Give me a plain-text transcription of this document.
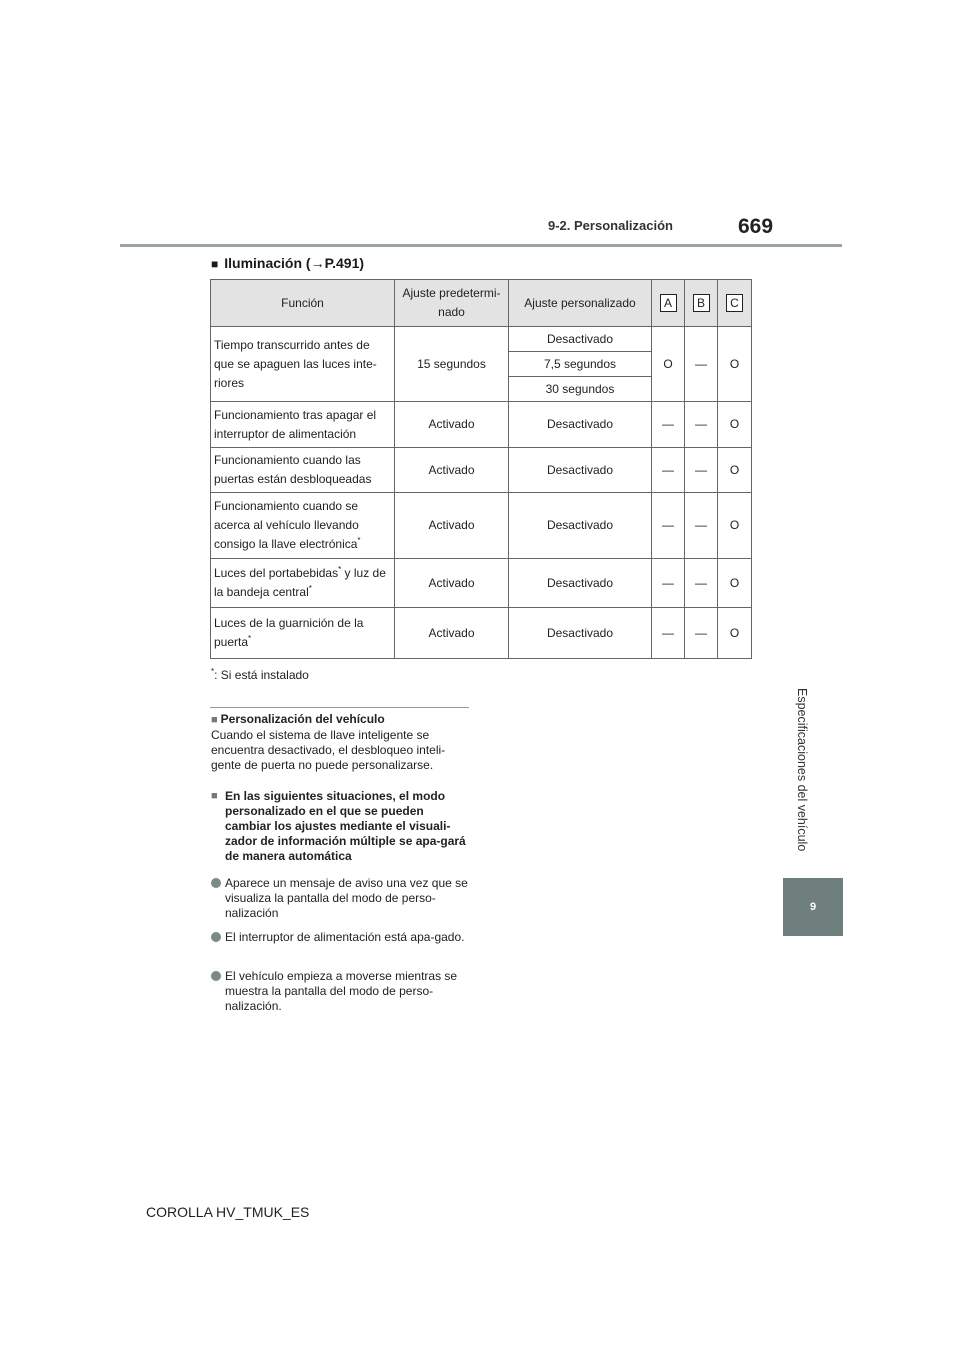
9-2. Personalización	669
Especificaciones del vehículo
9
■ Iluminación (→P.491)
Función	Ajuste predetermi-nado	Ajuste personalizado	A	B	C
Tiempo transcurrido antes de que se apaguen las luces inte-riores	15 segundos	Desactivado	O	—	O
		7,5 segundos			
		30 segundos			
Funcionamiento tras apagar el interruptor de alimentación	Activado	Desactivado	—	—	O
Funcionamiento cuando las puertas están desbloqueadas	Activado	Desactivado	—	—	O
Funcionamiento cuando se acerca al vehículo llevando consigo la llave electrónica*	Activado	Desactivado	—	—	O
Luces del portabebidas* y luz de la bandeja central*	Activado	Desactivado	—	—	O
Luces de la guarnición de la puerta*	Activado	Desactivado	—	—	O
*: Si está instalado
■ Personalización del vehículo
Cuando el sistema de llave inteligente se encuentra desactivado, el desbloqueo inteli-gente de puerta no puede personalizarse.
■ En las siguientes situaciones, el modo personalizado en el que se pueden cambiar los ajustes mediante el visuali-zador de información múltiple se apa-gará de manera automática
Aparece un mensaje de aviso una vez que se visualiza la pantalla del modo de perso-nalización
El interruptor de alimentación está apa-gado.
El vehículo empieza a moverse mientras se muestra la pantalla del modo de perso-nalización.
COROLLA HV_TMUK_ES
